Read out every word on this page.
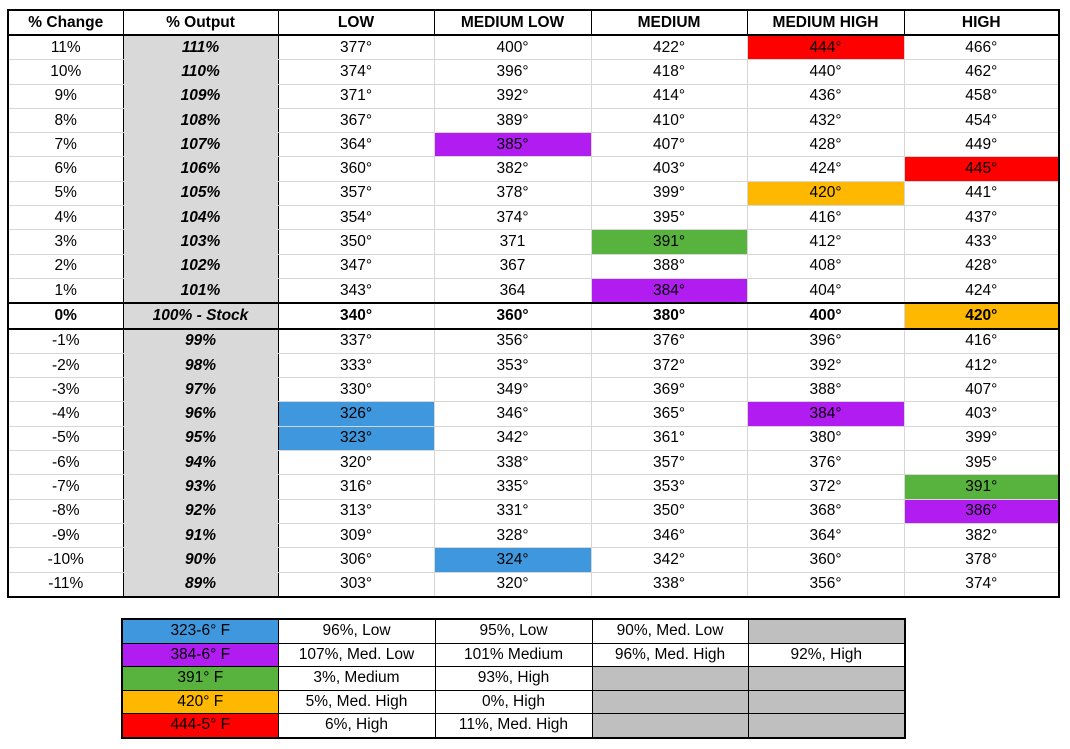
% Change	% Output	LOW	MEDIUM LOW	MEDIUM	MEDIUM HIGH	HIGH
11%	111%	377°	400°	422°	444°	466°
10%	110%	374°	396°	418°	440°	462°
9%	109%	371°	392°	414°	436°	458°
8%	108%	367°	389°	410°	432°	454°
7%	107%	364°	385°	407°	428°	449°
6%	106%	360°	382°	403°	424°	445°
5%	105%	357°	378°	399°	420°	441°
4%	104%	354°	374°	395°	416°	437°
3%	103%	350°	371	391°	412°	433°
2%	102%	347°	367	388°	408°	428°
1%	101%	343°	364	384°	404°	424°
0%	100% - Stock	340°	360°	380°	400°	420°
-1%	99%	337°	356°	376°	396°	416°
-2%	98%	333°	353°	372°	392°	412°
-3%	97%	330°	349°	369°	388°	407°
-4%	96%	326°	346°	365°	384°	403°
-5%	95%	323°	342°	361°	380°	399°
-6%	94%	320°	338°	357°	376°	395°
-7%	93%	316°	335°	353°	372°	391°
-8%	92%	313°	331°	350°	368°	386°
-9%	91%	309°	328°	346°	364°	382°
-10%	90%	306°	324°	342°	360°	378°
-11%	89%	303°	320°	338°	356°	374°
323-6° F	96%, Low	95%, Low	90%, Med. Low	
384-6° F	107%, Med. Low	101% Medium	96%, Med. High	92%, High
391° F	3%, Medium	93%, High		
420° F	5%, Med. High	0%, High		
444-5° F	6%, High	11%, Med. High		
